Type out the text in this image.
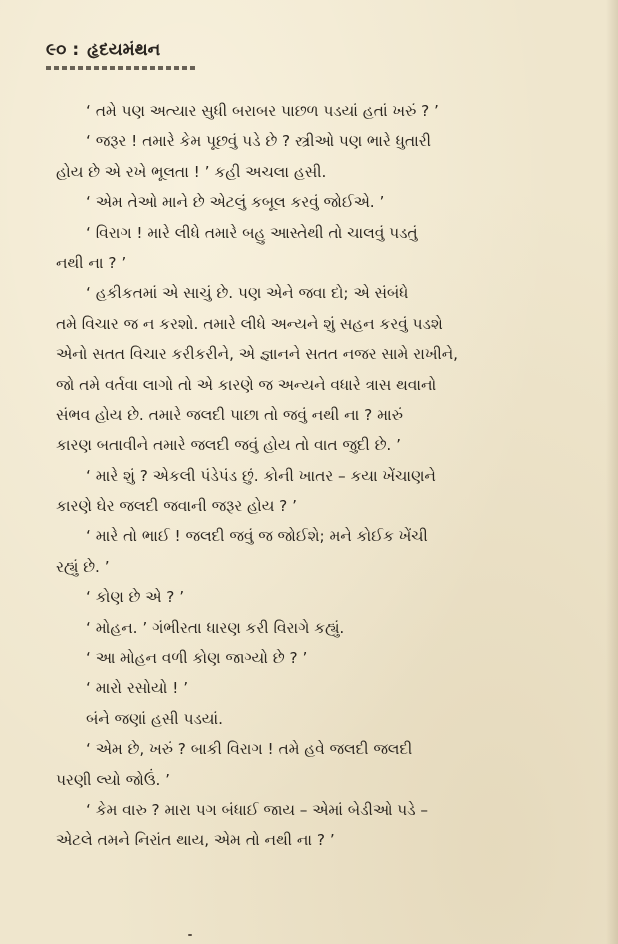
૯૦ : હૃદયમંથન
‘ તમે પણ અત્યાર સુધી બરાબર પાછળ પડયાં હતાં ખરું ? ’
‘ જરૂર ! તમારે કેમ પૂછવું પડે છે ? સ્ત્રીઓ પણ ભારે ધુતારી
હોય છે એ રખે ભૂલતા ! ’ કહી અચલા હસી.
‘ એમ તેઓ માને છે એટલું કબૂલ કરવું જોઈએ. ’
‘ વિરાગ ! મારે લીધે તમારે બહુ આસ્તેથી તો ચાલવું પડતું
નથી ના ? ’
‘ હકીકતમાં એ સાચું છે. પણ એને જવા દો; એ સંબંધે
તમે વિચાર જ ન કરશો. તમારે લીધે અન્યને શું સહન કરવું પડશે
એનો સતત વિચાર કરીકરીને, એ જ્ઞાનને સતત નજર સામે રાખીને,
જો તમે વર્તવા લાગો તો એ કારણે જ અન્યને વધારે ત્રાસ થવાનો
સંભવ હોય છે. તમારે જલદી પાછા તો જવું નથી ના ? મારું
કારણ બતાવીને તમારે જલદી જવું હોય તો વાત જુદી છે. ’
‘ મારે શું ? એકલી પંડેપંડ છું. કોની ખાતર – કયા ખેંચાણને
કારણે ઘેર જલદી જવાની જરૂર હોય ? ’
‘ મારે તો ભાઈ ! જલદી જવું જ જોઈશે; મને કોઈક ખેંચી
રહ્યું છે. ’
‘ કોણ છે એ ? ’
‘ મોહન. ’ ગંભીરતા ધારણ કરી વિરાગે કહ્યું.
‘ આ મોહન વળી કોણ જાગ્યો છે ? ’
‘ મારો રસોયો ! ’
બંને જણાં હસી પડયાં.
‘ એમ છે, ખરું ? બાકી વિરાગ ! તમે હવે જલદી જલદી
પરણી લ્યો જોઉં. ’
‘ કેમ વારુ ? મારા પગ બંધાઈ જાય – એમાં બેડીઓ પડે –
એટલે તમને નિરાંત થાય, એમ તો નથી ના ? ’
